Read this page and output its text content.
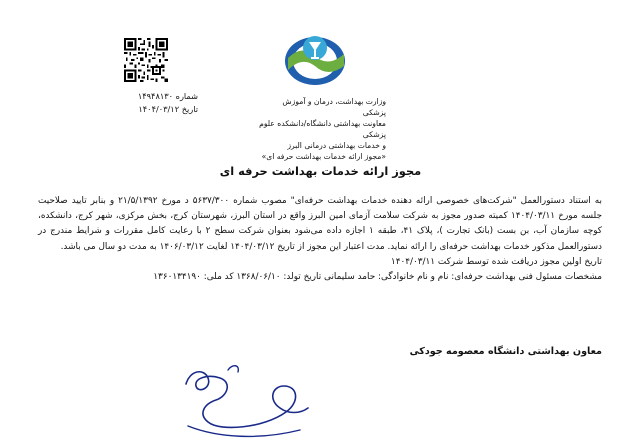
شماره ۱۴۹۴۸۱۳۰
تاریخ ۱۴۰۴/۰۳/۱۲
وزارت بهداشت، درمان و آموزش پزشکی
معاونت بهداشتی دانشگاه/دانشکده علوم پزشکی
و خدمات بهداشتی درمانی البرز
«مجوز ارائه خدمات بهداشت حرفه ای»
مجوز ارائه خدمات بهداشت حرفه ای

به استناد دستورالعمل "شرکت‌های خصوصی ارائه دهنده خدمات بهداشت حرفه‌ای" مصوب شماره ۵۶۳۷/۳۰۰ د مورخ ۲۱/۵/۱۳۹۲ و بنابر تایید صلاحیت جلسه مورخ ۱۴۰۴/۰۳/۱۱ کمیته صدور مجوز به شرکت سلامت آزمای امین البرز واقع در استان البرز، شهرستان کرج، بخش مرکزی، شهر کرج، دانشکده، کوچه سازمان آب، بن بست (بانک تجارت )، پلاک ۴۱، طبقه ۱ اجازه داده می‌شود بعنوان شرکت سطح ۲ با رعایت کامل مقررات و شرایط مندرج در دستورالعمل مذکور خدمات بهداشت حرفه‌ای را ارائه نماید. مدت اعتبار این مجوز از تاریخ ۱۴۰۴/۰۳/۱۲ لغایت ۱۴۰۶/۰۳/۱۲ به مدت دو سال می باشد.

تاریخ اولین مجوز دریافت شده توسط شرکت ۱۴۰۴/۰۳/۱۱

مشخصات مسئول فنی بهداشت حرفه‌ای: نام و نام خانوادگی: حامد سلیمانی تاریخ تولد: ۱۳۶۸/۰۶/۱۰ کد ملی: ۱۳۶۰۱۳۴۱۹۰

معاون بهداشتی دانشگاه معصومه جودکی
